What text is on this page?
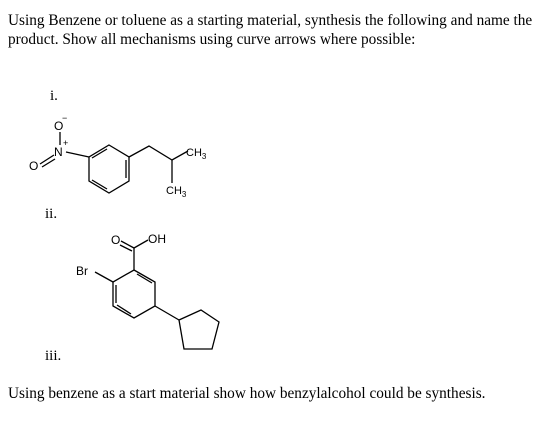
Using Benzene or toluene as a starting material, synthesis the following and name the
product. Show all mechanisms using curve arrows where possible:

i.

ii.

iii.

Using benzene as a start material show how benzylalcohol could be synthesis.

O
−
N
+
O
$CH_3$
$CH_3$
O OH
Br
